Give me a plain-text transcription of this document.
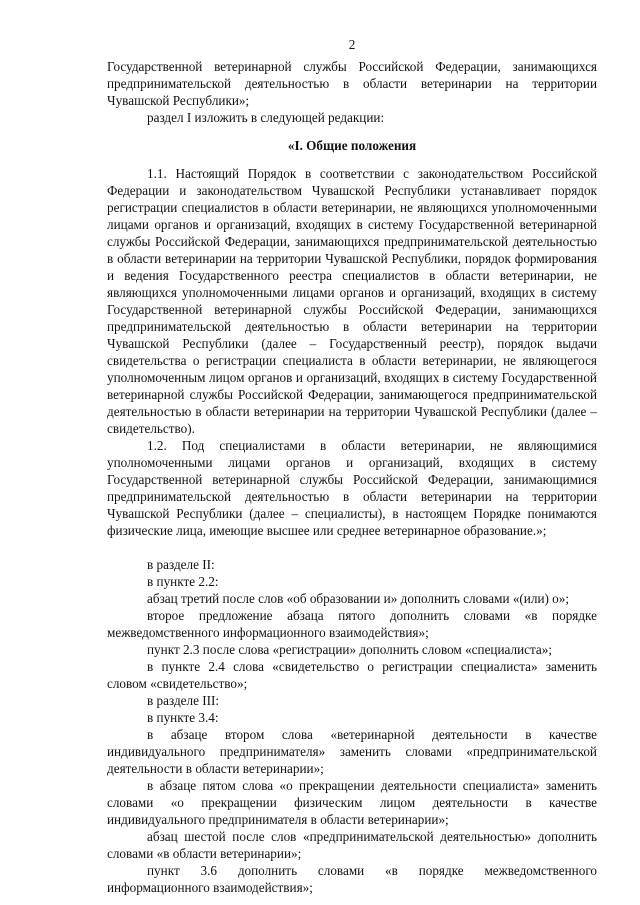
2

Государственной ветеринарной службы Российской Федерации, занимающихся предпринимательской деятельностью в области ветеринарии на территории Чувашской Республики»;

раздел I изложить в следующей редакции:

«I. Общие положения

1.1. Настоящий Порядок в соответствии с законодательством Российской Федерации и законодательством Чувашской Республики устанавливает порядок регистрации специалистов в области ветеринарии, не являющихся уполномоченными лицами органов и организаций, входящих в систему Государственной ветеринарной службы Российской Федерации, занимающихся предпринимательской деятельностью в области ветеринарии на территории Чувашской Республики, порядок формирования и ведения Государственного реестра специалистов в области ветеринарии, не являющихся уполномоченными лицами органов и организаций, входящих в систему Государственной ветеринарной службы Российской Федерации, занимающихся предпринимательской деятельностью в области ветеринарии на территории Чувашской Республики (далее – Государственный реестр), порядок выдачи свидетельства о регистрации специалиста в области ветеринарии, не являющегося уполномоченным лицом органов и организаций, входящих в систему Государственной ветеринарной службы Российской Федерации, занимающегося предпринимательской деятельностью в области ветеринарии на территории Чувашской Республики (далее – свидетельство).

1.2. Под специалистами в области ветеринарии, не являющимися уполномоченными лицами органов и организаций, входящих в систему Государственной ветеринарной службы Российской Федерации, занимающимися предпринимательской деятельностью в области ветеринарии на территории Чувашской Республики (далее – специалисты), в настоящем Порядке понимаются физические лица, имеющие высшее или среднее ветеринарное образование.»;

в разделе II:

в пункте 2.2:

абзац третий после слов «об образовании и» дополнить словами «(или) о»;

второе предложение абзаца пятого дополнить словами «в порядке межведомственного информационного взаимодействия»;

пункт 2.3 после слова «регистрации» дополнить словом «специалиста»;

в пункте 2.4 слова «свидетельство о регистрации специалиста» заменить словом «свидетельство»;

в разделе III:

в пункте 3.4:

в абзаце втором слова «ветеринарной деятельности в качестве индивидуального предпринимателя» заменить словами «предпринимательской деятельности в области ветеринарии»;

в абзаце пятом слова «о прекращении деятельности специалиста» заменить словами «о прекращении физическим лицом деятельности в качестве индивидуального предпринимателя в области ветеринарии»;

абзац шестой после слов «предпринимательской деятельностью» дополнить словами «в области ветеринарии»;

пункт 3.6 дополнить словами «в порядке межведомственного информационного взаимодействия»;
